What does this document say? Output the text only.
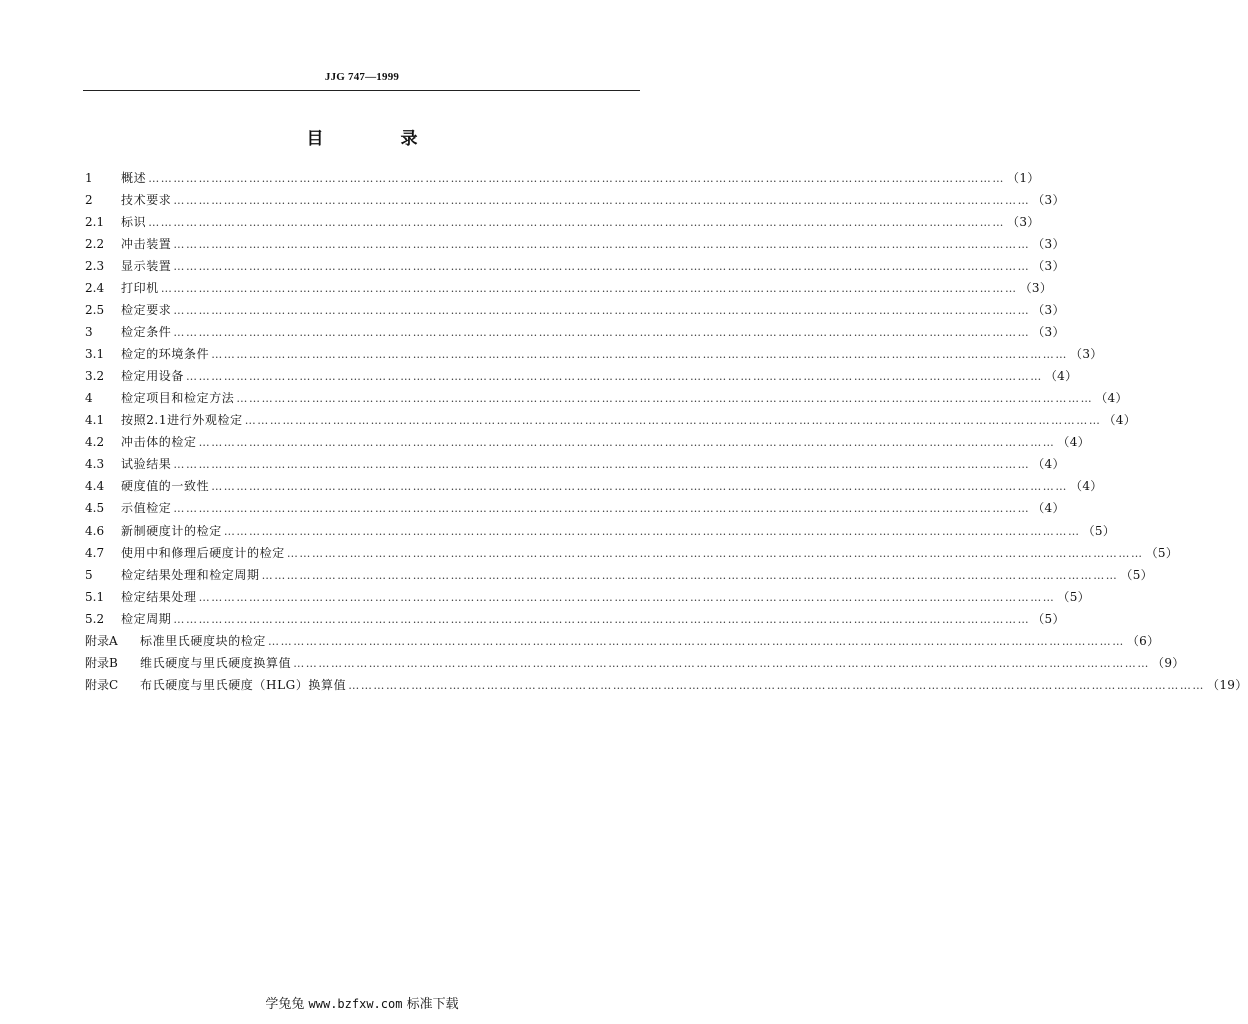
JJG 747—1999
目　录
1	概述 …………………………………………………………………………………………………………………………………………………………………………………… （1）
2	技术要求 …………………………………………………………………………………………………………………………………………………………………………………… （3）
2.1	标识 …………………………………………………………………………………………………………………………………………………………………………………… （3）
2.2	冲击装置 …………………………………………………………………………………………………………………………………………………………………………………… （3）
2.3	显示装置 …………………………………………………………………………………………………………………………………………………………………………………… （3）
2.4	打印机 …………………………………………………………………………………………………………………………………………………………………………………… （3）
2.5	检定要求 …………………………………………………………………………………………………………………………………………………………………………………… （3）
3	检定条件 …………………………………………………………………………………………………………………………………………………………………………………… （3）
3.1	检定的环境条件 …………………………………………………………………………………………………………………………………………………………………………………… （3）
3.2	检定用设备 …………………………………………………………………………………………………………………………………………………………………………………… （4）
4	检定项目和检定方法 …………………………………………………………………………………………………………………………………………………………………………………… （4）
4.1	按照2.1进行外观检定 …………………………………………………………………………………………………………………………………………………………………………………… （4）
4.2	冲击体的检定 …………………………………………………………………………………………………………………………………………………………………………………… （4）
4.3	试验结果 …………………………………………………………………………………………………………………………………………………………………………………… （4）
4.4	硬度值的一致性 …………………………………………………………………………………………………………………………………………………………………………………… （4）
4.5	示值检定 …………………………………………………………………………………………………………………………………………………………………………………… （4）
4.6	新制硬度计的检定 …………………………………………………………………………………………………………………………………………………………………………………… （5）
4.7	使用中和修理后硬度计的检定 …………………………………………………………………………………………………………………………………………………………………………………… （5）
5	检定结果处理和检定周期 …………………………………………………………………………………………………………………………………………………………………………………… （5）
5.1	检定结果处理 …………………………………………………………………………………………………………………………………………………………………………………… （5）
5.2	检定周期 …………………………………………………………………………………………………………………………………………………………………………………… （5）
附录A	标准里氏硬度块的检定 …………………………………………………………………………………………………………………………………………………………………………………… （6）
附录B	维氏硬度与里氏硬度换算值 …………………………………………………………………………………………………………………………………………………………………………………… （9）
附录C	布氏硬度与里氏硬度（HLG）换算值 …………………………………………………………………………………………………………………………………………………………………………………… （19）
学兔兔 www.bzfxw.com 标准下载
